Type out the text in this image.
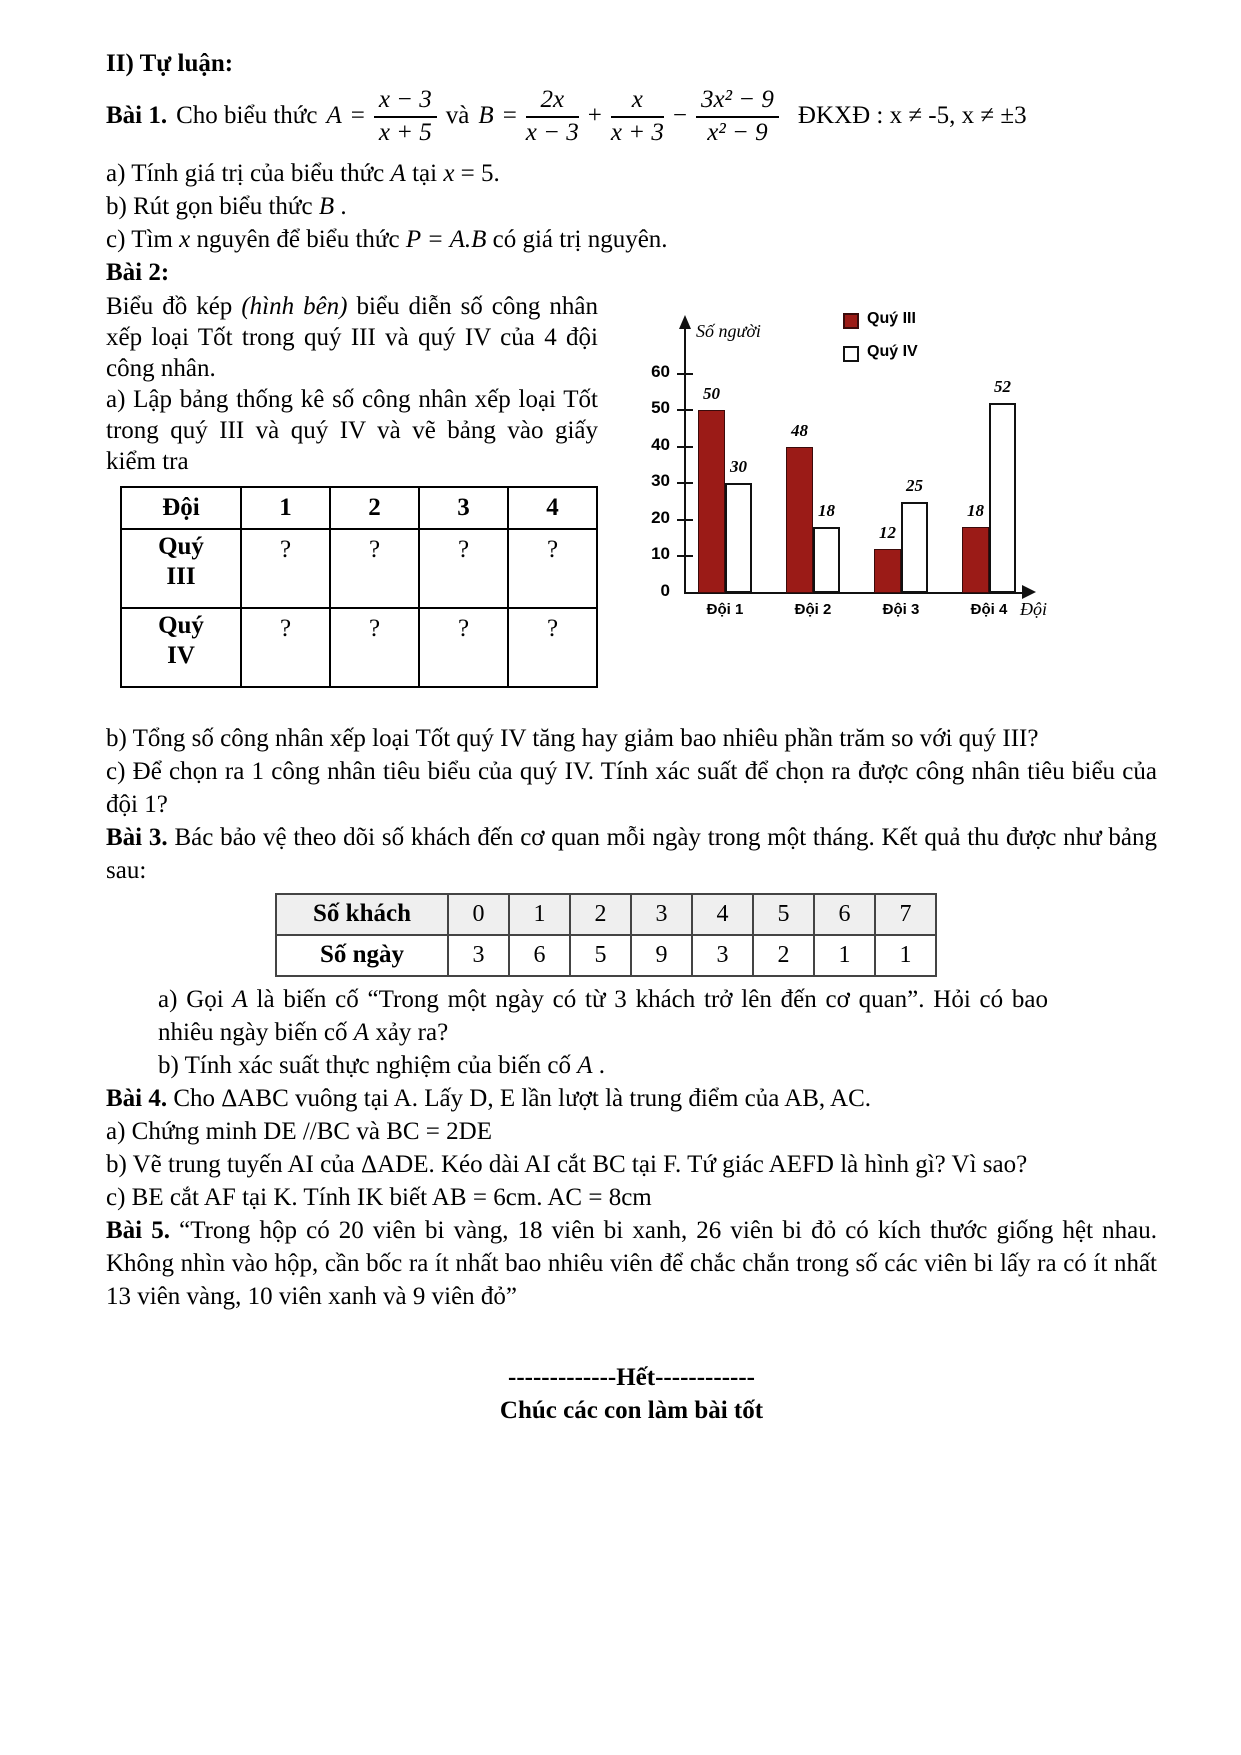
II) Tự luận:

Bài 1. Cho biểu thức $A = \frac{x - 3}{x + 5}$ và $B = \frac{2x}{x - 3} + \frac{x}{x + 3} - \frac{\text{3x² − 9}}{\text{x² − 9}}$ ĐKXĐ : x ≠ -5, x ≠ ±3

a) Tính giá trị của biểu thức A tại x = 5.

b) Rút gọn biểu thức B .

c) Tìm x nguyên để biểu thức P = A.B có giá trị nguyên.

Bài 2:

Biểu đồ kép (hình bên) biểu diễn số công nhân xếp loại Tốt trong quý III và quý IV của 4 đội công nhân.

a) Lập bảng thống kê số công nhân xếp loại Tốt trong quý III và quý IV và vẽ bảng vào giấy kiểm tra

Đội	1	2	3	4
Quý III	?	?	?	?
Quý IV	?	?	?	?
Số người
0
10
20
30
40
50
60
Đội
Quý III
Quý IV
50
30
Đội 1
48
18
Đội 2
12
25
Đội 3
18
52
Đội 4

b) Tổng số công nhân xếp loại Tốt quý IV tăng hay giảm bao nhiêu phần trăm so với quý III?

c) Để chọn ra 1 công nhân tiêu biểu của quý IV. Tính xác suất để chọn ra được công nhân tiêu biểu của đội 1?

Bài 3. Bác bảo vệ theo dõi số khách đến cơ quan mỗi ngày trong một tháng. Kết quả thu được như bảng sau:

Số khách	0	1	2	3	4	5	6	7
Số ngày	3	6	5	9	3	2	1	1

a) Gọi A là biến cố “Trong một ngày có từ 3 khách trở lên đến cơ quan”. Hỏi có bao nhiêu ngày biến cố A xảy ra?

b) Tính xác suất thực nghiệm của biến cố A .

Bài 4. Cho ΔABC vuông tại A. Lấy D, E lần lượt là trung điểm của AB, AC.

a) Chứng minh DE //BC và BC = 2DE

b) Vẽ trung tuyến AI của ΔADE. Kéo dài AI cắt BC tại F. Tứ giác AEFD là hình gì? Vì sao?

c) BE cắt AF tại K. Tính IK biết AB = 6cm. AC = 8cm

Bài 5. “Trong hộp có 20 viên bi vàng, 18 viên bi xanh, 26 viên bi đỏ có kích thước giống hệt nhau. Không nhìn vào hộp, cần bốc ra ít nhất bao nhiêu viên để chắc chắn trong số các viên bi lấy ra có ít nhất 13 viên vàng, 10 viên xanh và 9 viên đỏ”

-------------Hết------------

Chúc các con làm bài tốt
